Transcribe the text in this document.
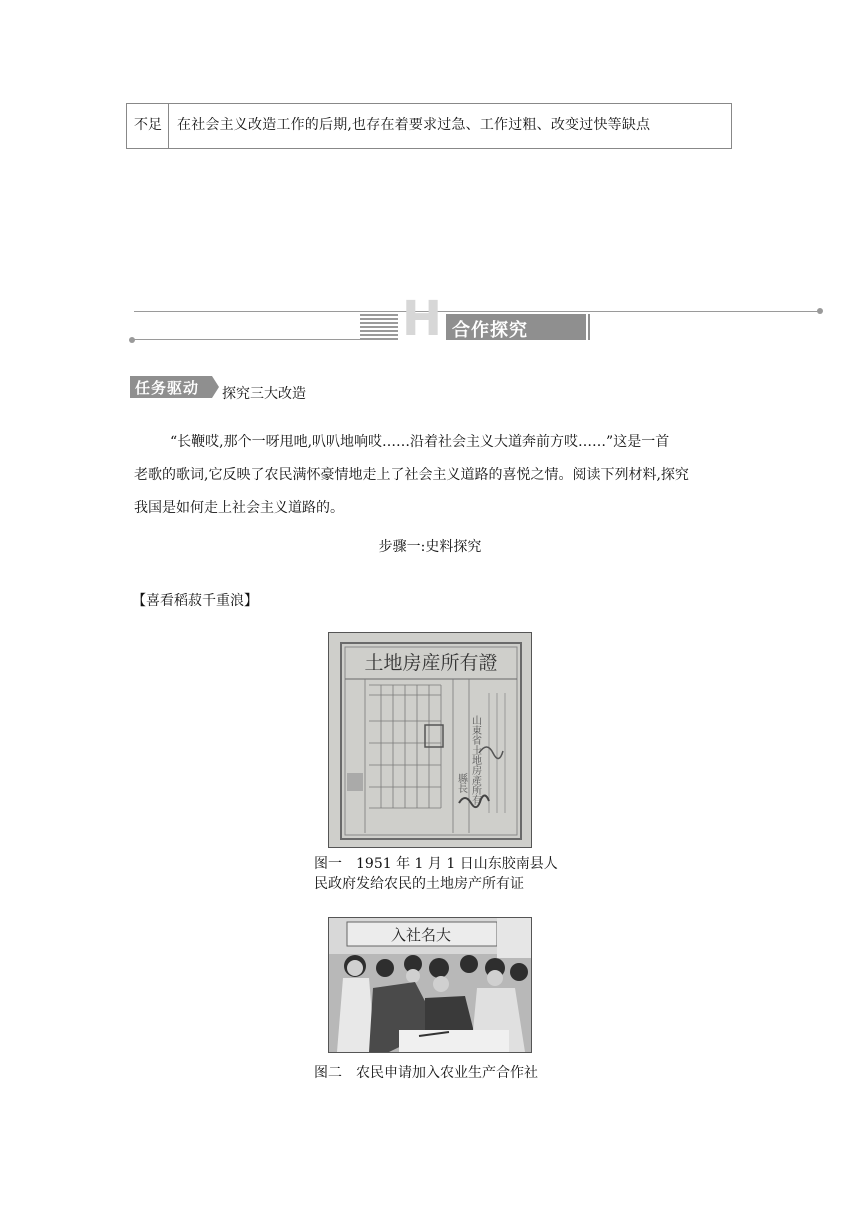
不足 在社会主义改造工作的后期,也存在着要求过急、工作过粗、改变过快等缺点
H 合作探究
任务驱动 探究三大改造
“长鞭哎,那个一呀甩吔,叭叭地响哎……沿着社会主义大道奔前方哎……”这是一首
老歌的歌词,它反映了农民满怀豪情地走上了社会主义道路的喜悦之情。阅读下列材料,探究
我国是如何走上社会主义道路的。
步骤一:史料探究
【喜看稻菽千重浪】
土地房産所有證
山東省土地房產所有
縣長
图一　1951 年 1 月 1 日山东胶南县人
民政府发给农民的土地房产所有证
入社名大
图二　农民申请加入农业生产合作社
